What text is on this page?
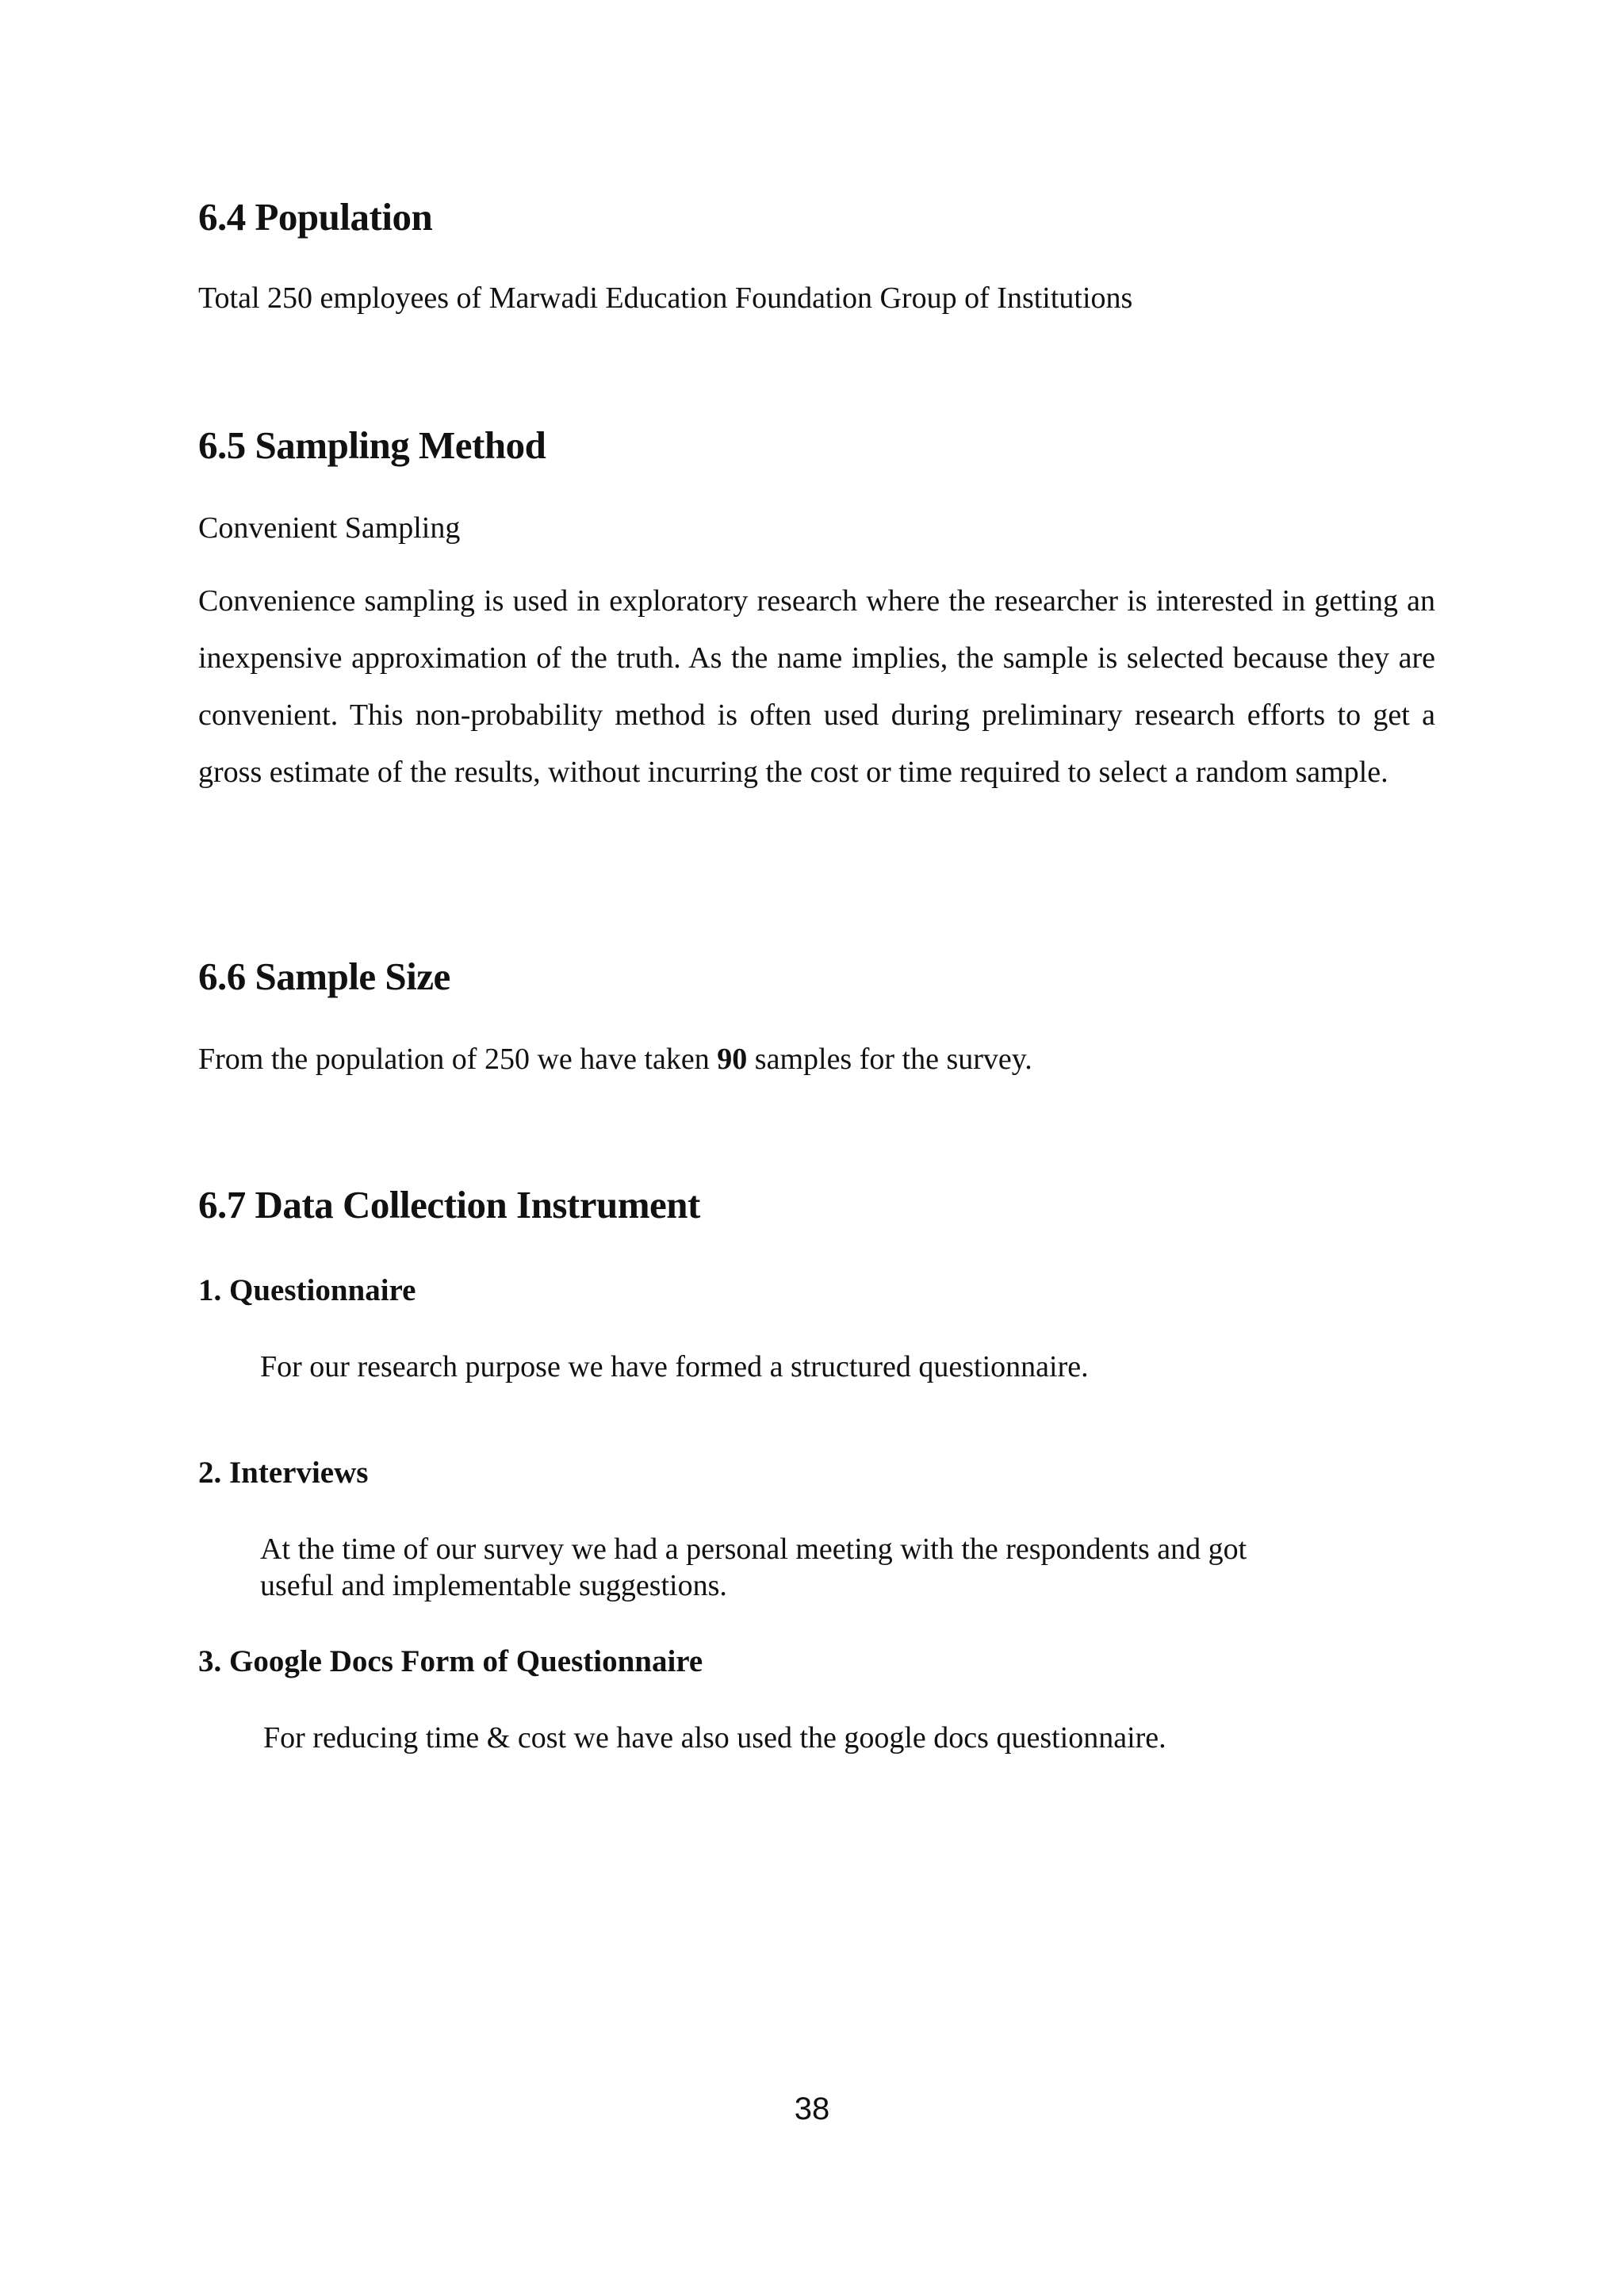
6.4 Population

Total 250 employees of Marwadi Education Foundation Group of Institutions

6.5 Sampling Method

Convenient Sampling

Convenience sampling is used in exploratory research where the researcher is interested in getting an inexpensive approximation of the truth. As the name implies, the sample is selected because they are convenient. This non-probability method is often used during preliminary research efforts to get a gross estimate of the results, without incurring the cost or time required to select a random sample.

6.6 Sample Size

From the population of 250 we have taken 90 samples for the survey.

6.7 Data Collection Instrument
1. Questionnaire

For our research purpose we have formed a structured questionnaire.

2. Interviews

At the time of our survey we had a personal meeting with the respondents and got

useful and implementable suggestions.

3. Google Docs Form of Questionnaire

For reducing time & cost we have also used the google docs questionnaire.

38
